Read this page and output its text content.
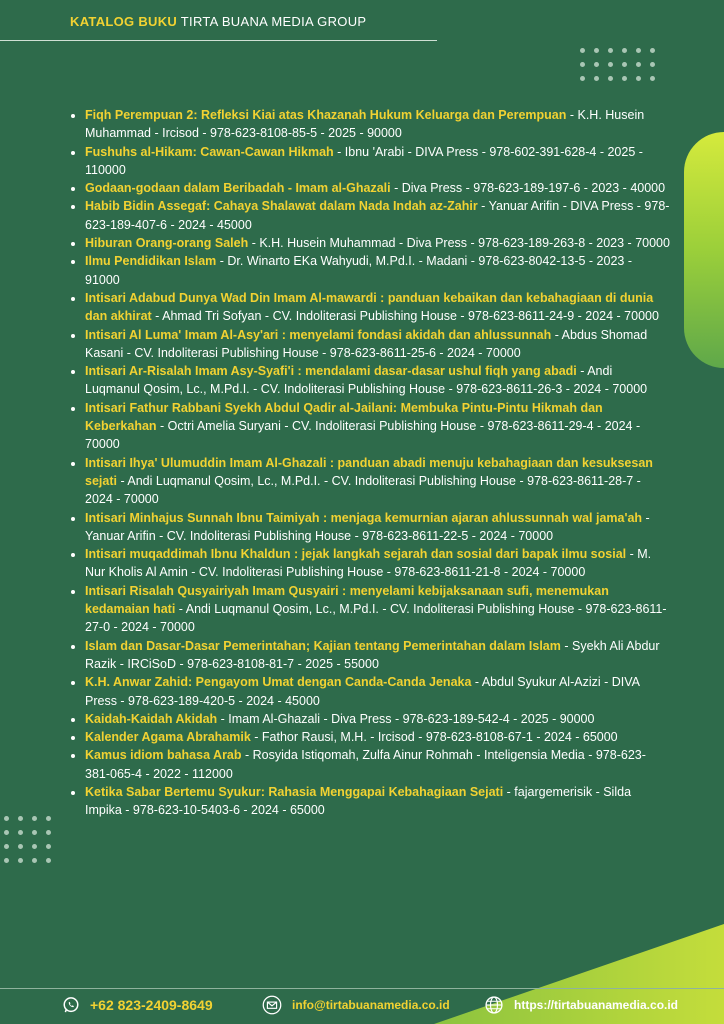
KATALOG BUKU TIRTA BUANA MEDIA GROUP
• Fiqh Perempuan 2: Refleksi Kiai atas Khazanah Hukum Keluarga dan Perempuan - K.H. Husein Muhammad - Ircisod - 978-623-8108-85-5 - 2025 - 90000
• Fushuhs al-Hikam: Cawan-Cawan Hikmah - Ibnu 'Arabi - DIVA Press - 978-602-391-628-4 - 2025 - 110000
• Godaan-godaan dalam Beribadah - Imam al-Ghazali - Diva Press - 978-623-189-197-6 - 2023 - 40000
• Habib Bidin Assegaf: Cahaya Shalawat dalam Nada Indah az-Zahir - Yanuar Arifin - DIVA Press - 978-623-189-407-6 - 2024 - 45000
• Hiburan Orang-orang Saleh - K.H. Husein Muhammad - Diva Press - 978-623-189-263-8 - 2023 - 70000
• Ilmu Pendidikan Islam - Dr. Winarto EKa Wahyudi, M.Pd.I. - Madani - 978-623-8042-13-5 - 2023 - 91000
• Intisari Adabud Dunya Wad Din Imam Al-mawardi : panduan kebaikan dan kebahagiaan di dunia dan akhirat - Ahmad Tri Sofyan - CV. Indoliterasi Publishing House - 978-623-8611-24-9 - 2024 - 70000
• Intisari Al Luma' Imam Al-Asy'ari : menyelami fondasi akidah dan ahlussunnah - Abdus Shomad Kasani - CV. Indoliterasi Publishing House - 978-623-8611-25-6 - 2024 - 70000
• Intisari Ar-Risalah Imam Asy-Syafi'i : mendalami dasar-dasar ushul fiqh yang abadi - Andi Luqmanul Qosim, Lc., M.Pd.I. - CV. Indoliterasi Publishing House - 978-623-8611-26-3 - 2024 - 70000
• Intisari Fathur Rabbani Syekh Abdul Qadir al-Jailani: Membuka Pintu-Pintu Hikmah dan Keberkahan - Octri Amelia Suryani - CV. Indoliterasi Publishing House - 978-623-8611-29-4 - 2024 - 70000
• Intisari Ihya' Ulumuddin Imam Al-Ghazali : panduan abadi menuju kebahagiaan dan kesuksesan sejati - Andi Luqmanul Qosim, Lc., M.Pd.I. - CV. Indoliterasi Publishing House - 978-623-8611-28-7 - 2024 - 70000
• Intisari Minhajus Sunnah Ibnu Taimiyah : menjaga kemurnian ajaran ahlussunnah wal jama'ah - Yanuar Arifin - CV. Indoliterasi Publishing House - 978-623-8611-22-5 - 2024 - 70000
• Intisari muqaddimah Ibnu Khaldun : jejak langkah sejarah dan sosial dari bapak ilmu sosial - M. Nur Kholis Al Amin - CV. Indoliterasi Publishing House - 978-623-8611-21-8 - 2024 - 70000
• Intisari Risalah Qusyairiyah Imam Qusyairi : menyelami kebijaksanaan sufi, menemukan kedamaian hati - Andi Luqmanul Qosim, Lc., M.Pd.I. - CV. Indoliterasi Publishing House - 978-623-8611-27-0 - 2024 - 70000
• Islam dan Dasar-Dasar Pemerintahan; Kajian tentang Pemerintahan dalam Islam - Syekh Ali Abdur Razik - IRCiSoD - 978-623-8108-81-7 - 2025 - 55000
• K.H. Anwar Zahid: Pengayom Umat dengan Canda-Canda Jenaka - Abdul Syukur Al-Azizi - DIVA Press - 978-623-189-420-5 - 2024 - 45000
• Kaidah-Kaidah Akidah - Imam Al-Ghazali - Diva Press - 978-623-189-542-4 - 2025 - 90000
• Kalender Agama Abrahamik - Fathor Rausi, M.H. - Ircisod - 978-623-8108-67-1 - 2024 - 65000
• Kamus idiom bahasa Arab - Rosyida Istiqomah, Zulfa Ainur Rohmah - Inteligensia Media - 978-623-381-065-4 - 2022 - 112000
• Ketika Sabar Bertemu Syukur: Rahasia Menggapai Kebahagiaan Sejati - fajargemerisik - Silda Impika - 978-623-10-5403-6 - 2024 - 65000
+62 823-2409-8649	info@tirtabuanamedia.co.id	https://tirtabuanamedia.co.id
